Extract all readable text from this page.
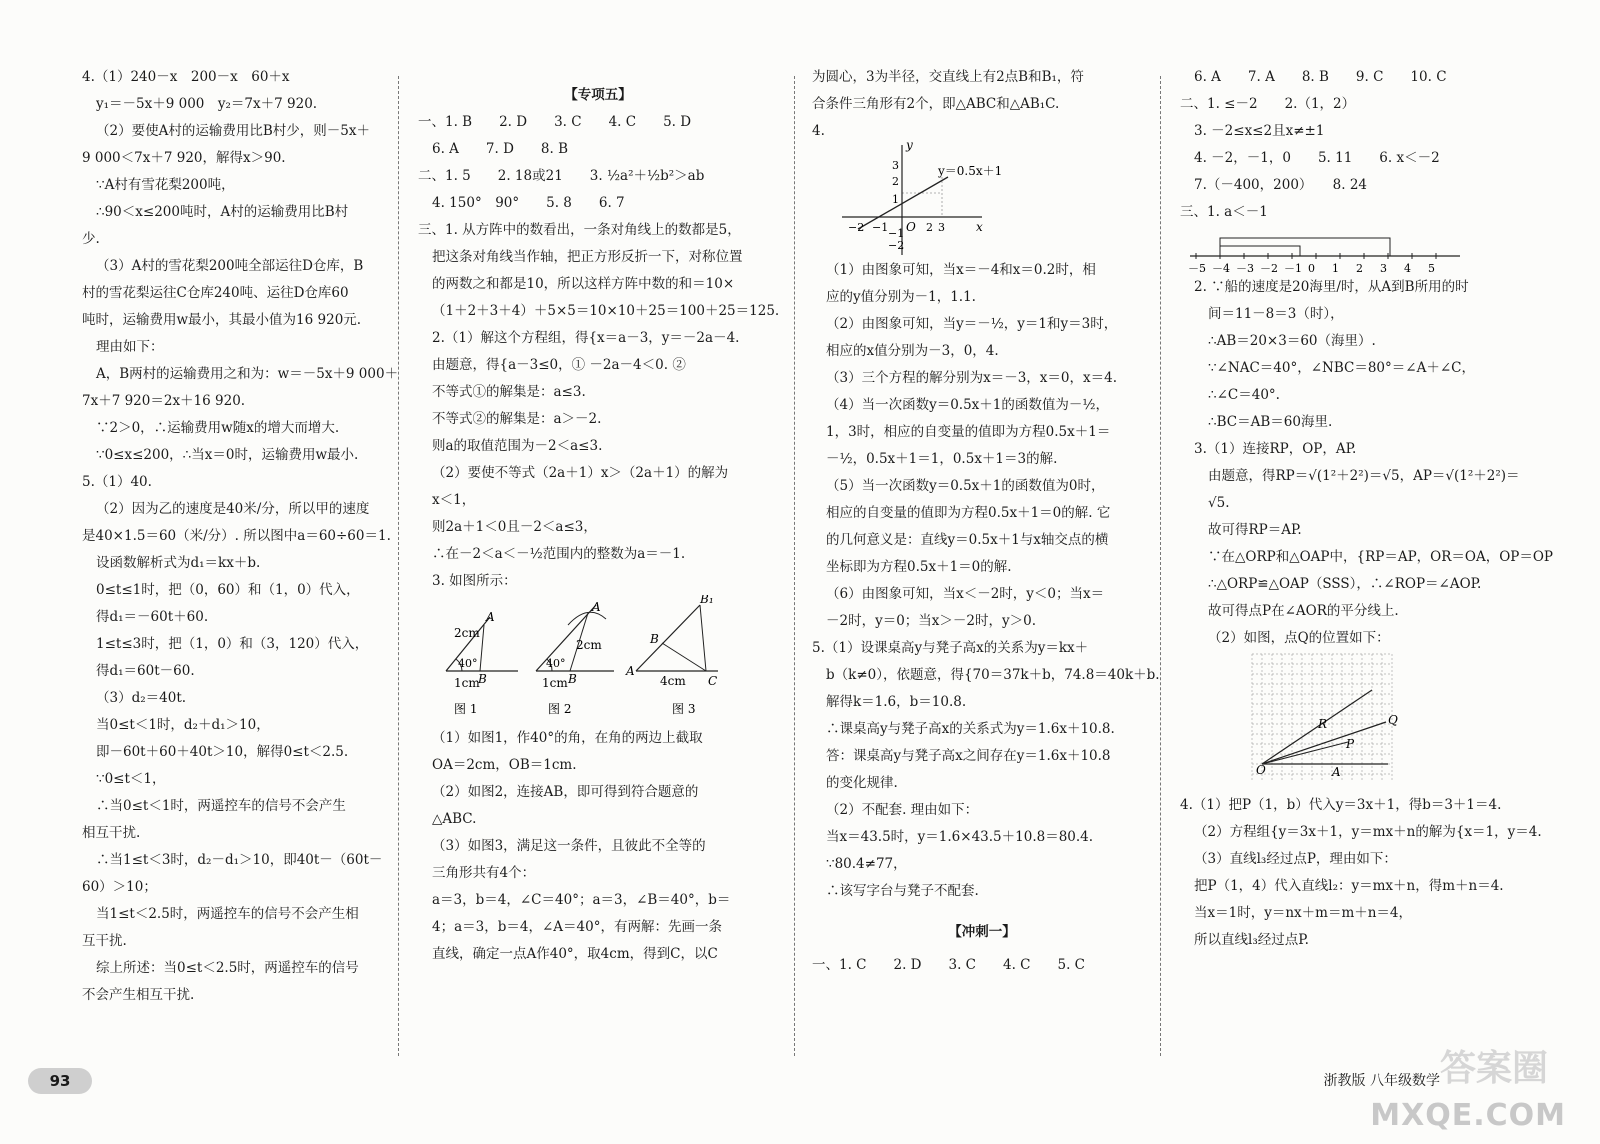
4.（1）240－x　200－x　60＋x
y₁＝－5x＋9 000　y₂＝7x＋7 920.
（2）要使A村的运输费用比B村少，则－5x＋
9 000＜7x＋7 920，解得x＞90.
∵A村有雪花梨200吨，
∴90＜x≤200吨时，A村的运输费用比B村
少.
（3）A村的雪花梨200吨全部运往D仓库，B
村的雪花梨运往C仓库240吨、运往D仓库60
吨时，运输费用w最小，其最小值为16 920元.
理由如下：
A，B两村的运输费用之和为：w＝－5x＋9 000＋
7x＋7 920＝2x＋16 920.
∵2＞0，∴运输费用w随x的增大而增大.
∵0≤x≤200，∴当x＝0时，运输费用w最小.
5.（1）40.
（2）因为乙的速度是40米/分，所以甲的速度
是40×1.5＝60（米/分）. 所以图中a＝60÷60＝1.
设函数解析式为d₁＝kx＋b.
0≤t≤1时，把（0，60）和（1，0）代入，
得d₁＝－60t＋60.
1≤t≤3时，把（1，0）和（3，120）代入，
得d₁＝60t－60.
（3）d₂＝40t.
当0≤t＜1时，d₂＋d₁＞10，
即－60t＋60＋40t＞10，解得0≤t＜2.5.
∵0≤t＜1，
∴当0≤t＜1时，两遥控车的信号不会产生
相互干扰.
∴当1≤t＜3时，d₂－d₁＞10，即40t－（60t－
60）＞10；
当1≤t＜2.5时，两遥控车的信号不会产生相
互干扰.
综上所述：当0≤t＜2.5时，两遥控车的信号
不会产生相互干扰.
【专项五】
一、1. B　　2. D　　3. C　　4. C　　5. D
6. A　　7. D　　8. B
二、1. 5　　2. 18或21　　3. ½a²＋½b²＞ab
4. 150°　90°　　5. 8　　6. 7
三、1. 从方阵中的数看出，一条对角线上的数都是5，
把这条对角线当作轴，把正方形反折一下，对称位置
的两数之和都是10，所以这样方阵中数的和＝10×
（1＋2＋3＋4）＋5×5＝10×10＋25＝100＋25＝125.
2.（1）解这个方程组，得{x＝a－3，y＝－2a－4.
由题意，得{a－3≤0，① －2a－4＜0. ②
不等式①的解集是：a≤3.
不等式②的解集是：a＞－2.
则a的取值范围为－2＜a≤3.
（2）要使不等式（2a＋1）x＞（2a＋1）的解为
x＜1，
则2a＋1＜0且－2＜a≤3，
∴在－2＜a＜－½范围内的整数为a＝－1.
3. 如图所示：
2cm
A
40°
B
1cm
图 1
A
2cm
40°
B
1cm
图 2
B₁
B
A
C
4cm
图 3
（1）如图1，作40°的角，在角的两边上截取
OA＝2cm，OB＝1cm.
（2）如图2，连接AB，即可得到符合题意的
△ABC.
（3）如图3，满足这一条件，且彼此不全等的
三角形共有4个：
a＝3，b＝4，∠C＝40°；a＝3，∠B＝40°，b＝
4；a＝3，b＝4，∠A＝40°，有两解：先画一条
直线，确定一点A作40°，取4cm，得到C，以C
为圆心，3为半径，交直线上有2点B和B₁，符
合条件三角形有2个，即△ABC和△AB₁C.
4.
y＝0.5x＋1
x
y
O
−2 −1	2 3
3
2
1
−1
−2
（1）由图象可知，当x＝－4和x＝0.2时，相
应的y值分别为－1，1.1.
（2）由图象可知，当y＝－½，y＝1和y＝3时，
相应的x值分别为－3，0，4.
（3）三个方程的解分别为x＝－3，x＝0，x＝4.
（4）当一次函数y＝0.5x＋1的函数值为－½，
1，3时，相应的自变量的值即为方程0.5x＋1＝
－½，0.5x＋1＝1，0.5x＋1＝3的解.
（5）当一次函数y＝0.5x＋1的函数值为0时，
相应的自变量的值即为方程0.5x＋1＝0的解. 它
的几何意义是：直线y＝0.5x＋1与x轴交点的横
坐标即为方程0.5x＋1＝0的解.
（6）由图象可知，当x＜－2时，y＜0；当x＝
－2时，y＝0；当x＞－2时，y＞0.
5.（1）设课桌高y与凳子高x的关系为y＝kx＋
b（k≠0），依题意，得{70＝37k＋b，74.8＝40k＋b.
解得k＝1.6，b＝10.8.
∴课桌高y与凳子高x的关系式为y＝1.6x＋10.8.
答：课桌高y与凳子高x之间存在y＝1.6x＋10.8
的变化规律.
（2）不配套. 理由如下：
当x＝43.5时，y＝1.6×43.5＋10.8＝80.4.
∵80.4≠77，
∴该写字台与凳子不配套.
【冲刺一】
一、1. C　　2. D　　3. C　　4. C　　5. C
6. A　　7. A　　8. B　　9. C　　10. C
二、1. ≤－2　　2.（1，2）
3. －2≤x≤2且x≠±1
4. －2，－1，0　　5. 11　　6. x＜－2
7.（－400，200）　　8. 24
三、1. a＜－1
－5 －4 －3 －2 －1 0 1 2 3 4 5
2. ∵船的速度是20海里/时，从A到B所用的时
间＝11－8＝3（时），
∴AB＝20×3＝60（海里）.
∵∠NAC＝40°，∠NBC＝80°＝∠A＋∠C，
∴∠C＝40°.
∴BC＝AB＝60海里.
3.（1）连接RP，OP，AP.
由题意，得RP＝√(1²＋2²)＝√5，AP＝√(1²＋2²)＝
√5.
故可得RP＝AP.
∵在△ORP和△OAP中，{RP＝AP，OR＝OA，OP＝OP
∴△ORP≌△OAP（SSS），∴∠ROP＝∠AOP.
故可得点P在∠AOR的平分线上.
（2）如图，点Q的位置如下：
O	A
R
P
Q
4.（1）把P（1，b）代入y＝3x＋1，得b＝3＋1＝4.
（2）方程组{y＝3x＋1，y＝mx＋n的解为{x＝1，y＝4.
（3）直线l₃经过点P，理由如下：
把P（1，4）代入直线l₂：y＝mx＋n，得m＋n＝4.
当x＝1时，y＝nx＋m＝m＋n＝4，
所以直线l₃经过点P.
93	浙教版 八年级数学 答案圈
MXQE.COM
